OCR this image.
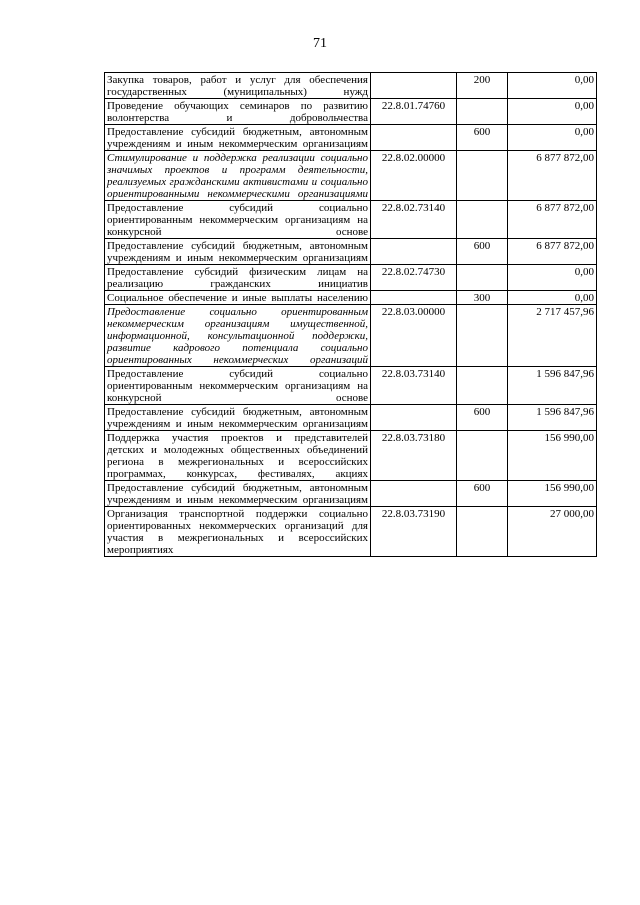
71
Закупка товаров, работ и услуг для обеспечения государственных (муниципальных) нужд		200	0,00
Проведение обучающих семинаров по развитию волонтерства и добровольчества	22.8.01.74760		0,00
Предоставление субсидий бюджетным, автономным учреждениям и иным некоммерческим организациям		600	0,00
Стимулирование и поддержка реализации социально значимых проектов и программ деятельности, реализуемых гражданскими активистами и социально ориентированными некоммерческими организациями	22.8.02.00000		6 877 872,00
Предоставление субсидий социально ориентированным некоммерческим организациям на конкурсной основе	22.8.02.73140		6 877 872,00
Предоставление субсидий бюджетным, автономным учреждениям и иным некоммерческим организациям		600	6 877 872,00
Предоставление субсидий физическим лицам на реализацию гражданских инициатив	22.8.02.74730		0,00
Социальное обеспечение и иные выплаты населению		300	0,00
Предоставление социально ориентированным некоммерческим организациям имущественной, информационной, консультационной поддержки, развитие кадрового потенциала социально ориентированных некоммерческих организаций	22.8.03.00000		2 717 457,96
Предоставление субсидий социально ориентированным некоммерческим организациям на конкурсной основе	22.8.03.73140		1 596 847,96
Предоставление субсидий бюджетным, автономным учреждениям и иным некоммерческим организациям		600	1 596 847,96
Поддержка участия проектов и представителей детских и молодежных общественных объединений региона в межрегиональных и всероссийских программах, конкурсах, фестивалях, акциях	22.8.03.73180		156 990,00
Предоставление субсидий бюджетным, автономным учреждениям и иным некоммерческим организациям		600	156 990,00
Организация транспортной поддержки социально ориентированных некоммерческих организаций для участия в межрегиональных и всероссийских мероприятиях	22.8.03.73190		27 000,00
